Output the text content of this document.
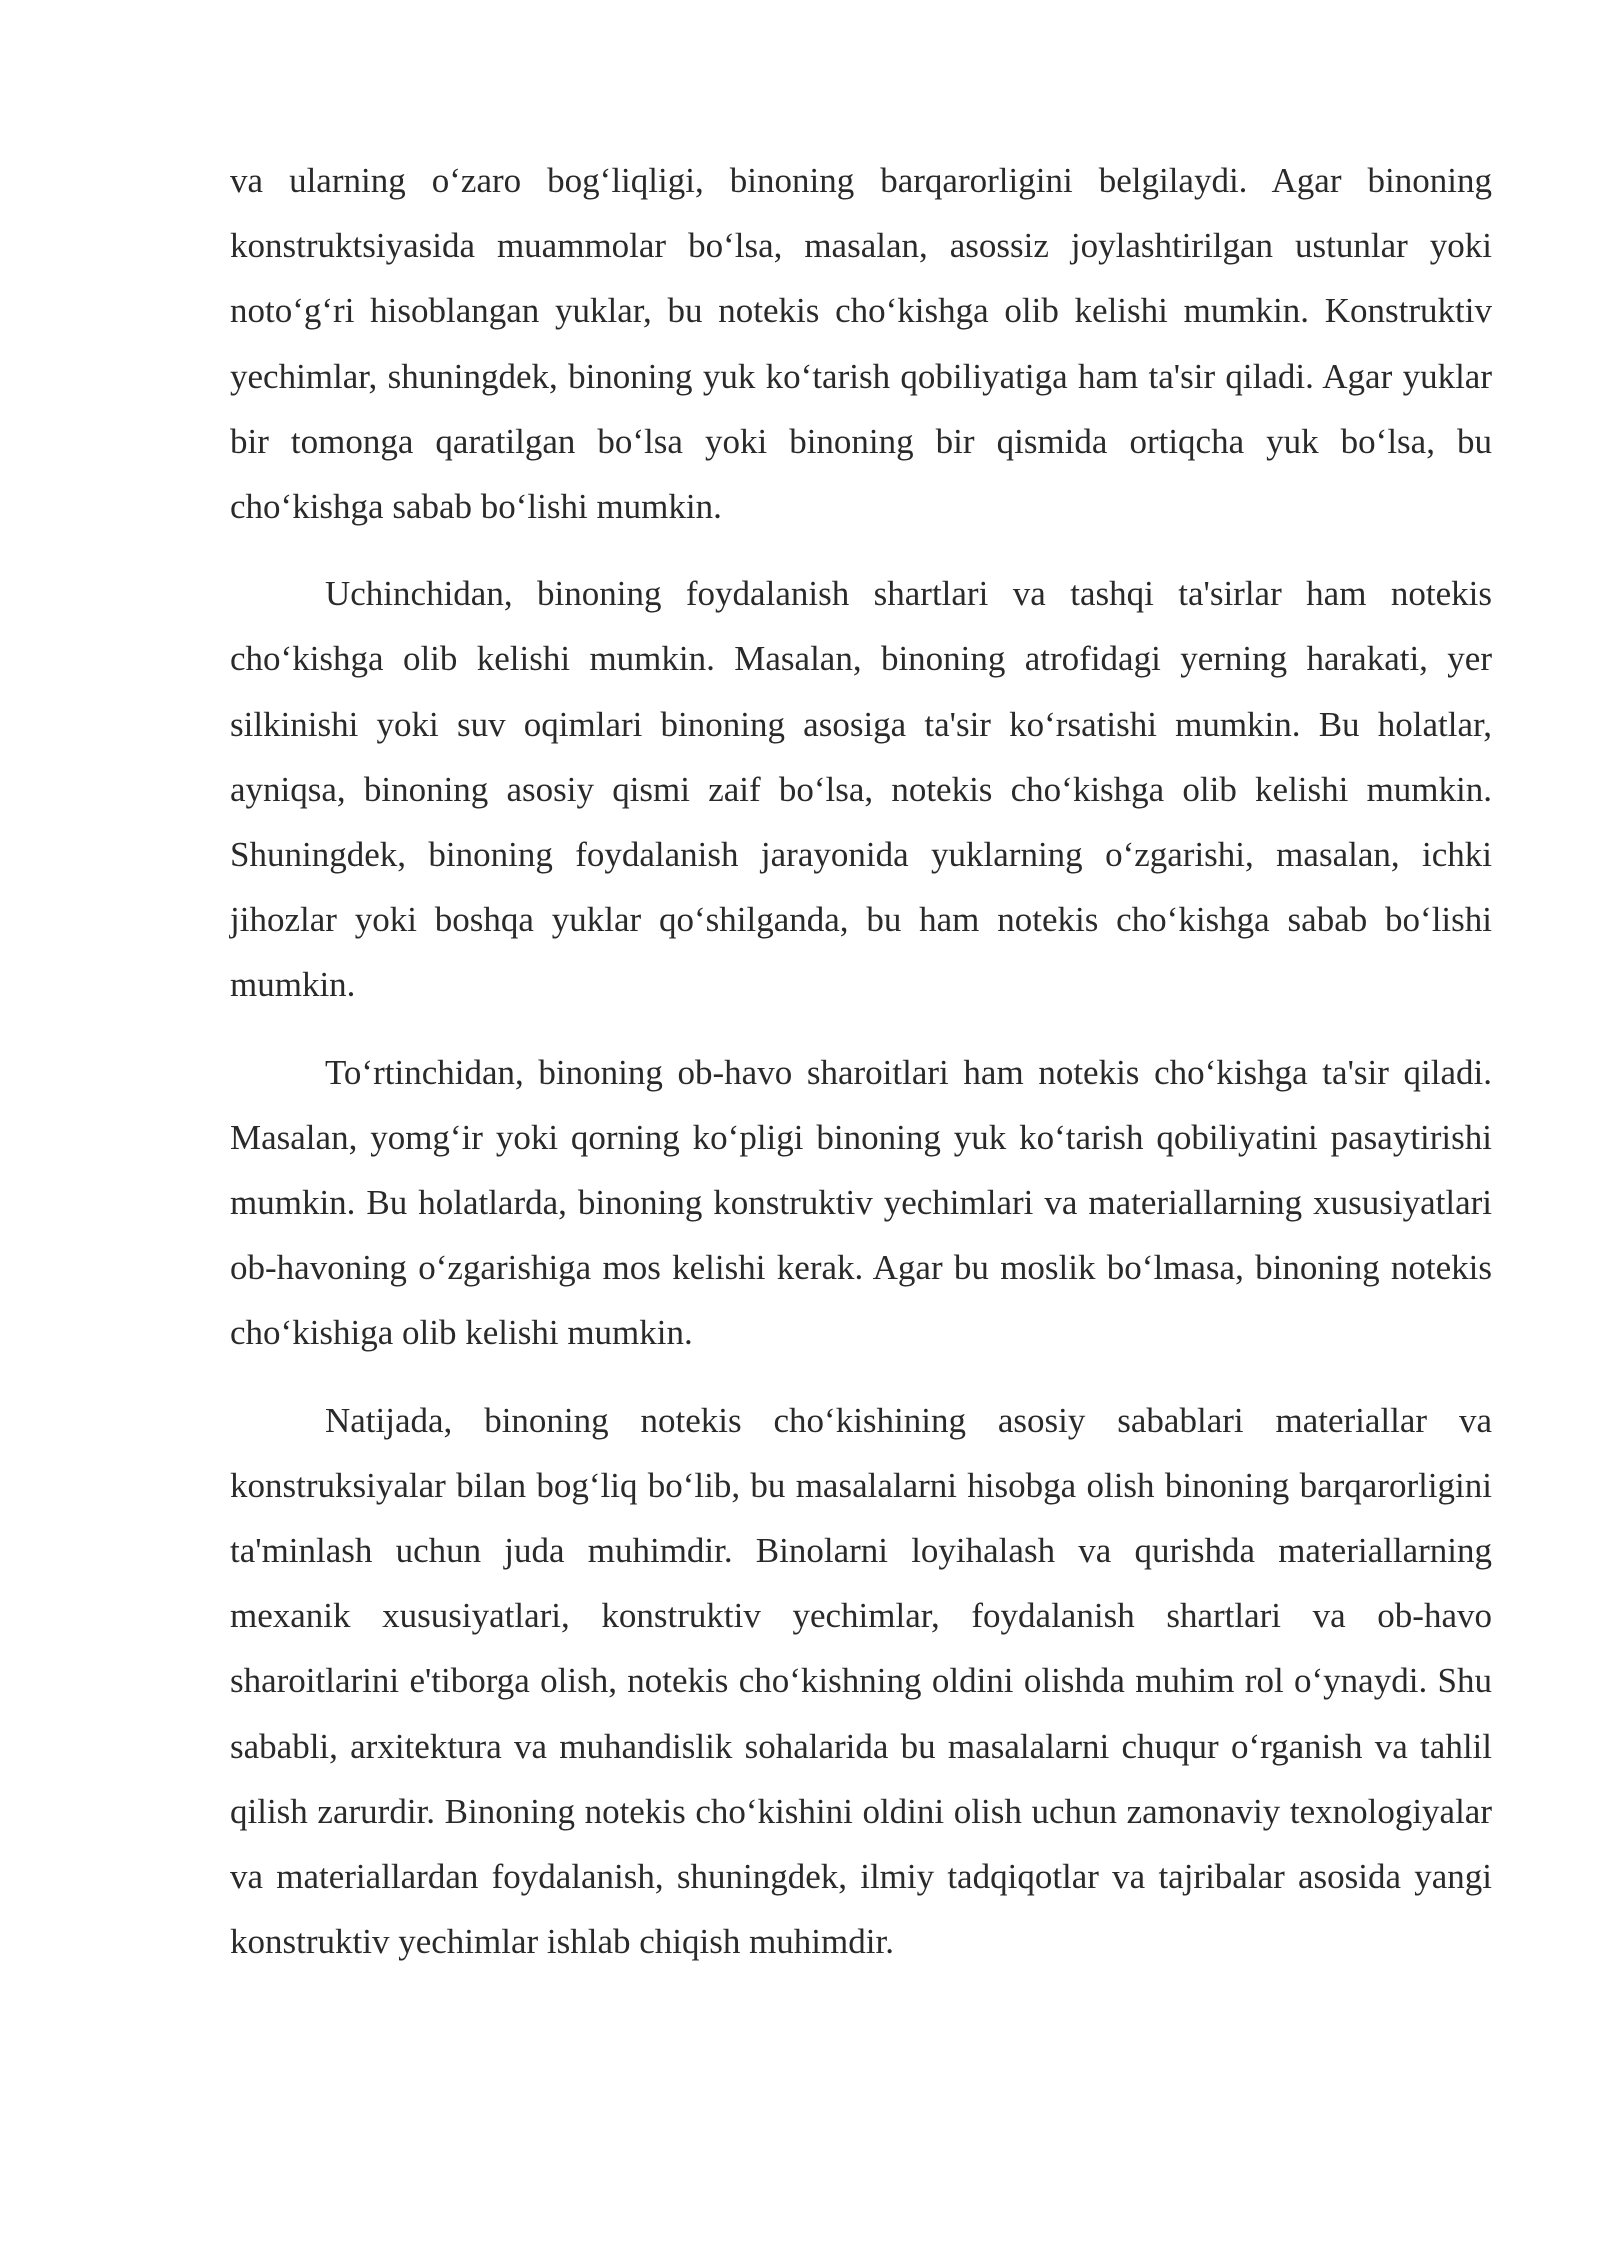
va ularning o‘zaro bog‘liqligi, binoning barqarorligini belgilaydi. Agar binoning konstruktsiyasida muammolar bo‘lsa, masalan, asossiz joylashtirilgan ustunlar yoki noto‘g‘ri hisoblangan yuklar, bu notekis cho‘kishga olib kelishi mumkin. Konstruktiv yechimlar, shuningdek, binoning yuk ko‘tarish qobiliyatiga ham ta'sir qiladi. Agar yuklar bir tomonga qaratilgan bo‘lsa yoki binoning bir qismida ortiqcha yuk bo‘lsa, bu cho‘kishga sabab bo‘lishi mumkin.

Uchinchidan, binoning foydalanish shartlari va tashqi ta'sirlar ham notekis cho‘kishga olib kelishi mumkin. Masalan, binoning atrofidagi yerning harakati, yer silkinishi yoki suv oqimlari binoning asosiga ta'sir ko‘rsatishi mumkin. Bu holatlar, ayniqsa, binoning asosiy qismi zaif bo‘lsa, notekis cho‘kishga olib kelishi mumkin. Shuningdek, binoning foydalanish jarayonida yuklarning o‘zgarishi, masalan, ichki jihozlar yoki boshqa yuklar qo‘shilganda, bu ham notekis cho‘kishga sabab bo‘lishi mumkin.

To‘rtinchidan, binoning ob-havo sharoitlari ham notekis cho‘kishga ta'sir qiladi. Masalan, yomg‘ir yoki qorning ko‘pligi binoning yuk ko‘tarish qobiliyatini pasaytirishi mumkin. Bu holatlarda, binoning konstruktiv yechimlari va materiallarning xususiyatlari ob-havoning o‘zgarishiga mos kelishi kerak. Agar bu moslik bo‘lmasa, binoning notekis cho‘kishiga olib kelishi mumkin.

Natijada, binoning notekis cho‘kishining asosiy sabablari materiallar va konstruksiyalar bilan bog‘liq bo‘lib, bu masalalarni hisobga olish binoning barqarorligini ta'minlash uchun juda muhimdir. Binolarni loyihalash va qurishda materiallarning mexanik xususiyatlari, konstruktiv yechimlar, foydalanish shartlari va ob-havo sharoitlarini e'tiborga olish, notekis cho‘kishning oldini olishda muhim rol o‘ynaydi. Shu sababli, arxitektura va muhandislik sohalarida bu masalalarni chuqur o‘rganish va tahlil qilish zarurdir. Binoning notekis cho‘kishini oldini olish uchun zamonaviy texnologiyalar va materiallardan foydalanish, shuningdek, ilmiy tadqiqotlar va tajribalar asosida yangi konstruktiv yechimlar ishlab chiqish muhimdir.
